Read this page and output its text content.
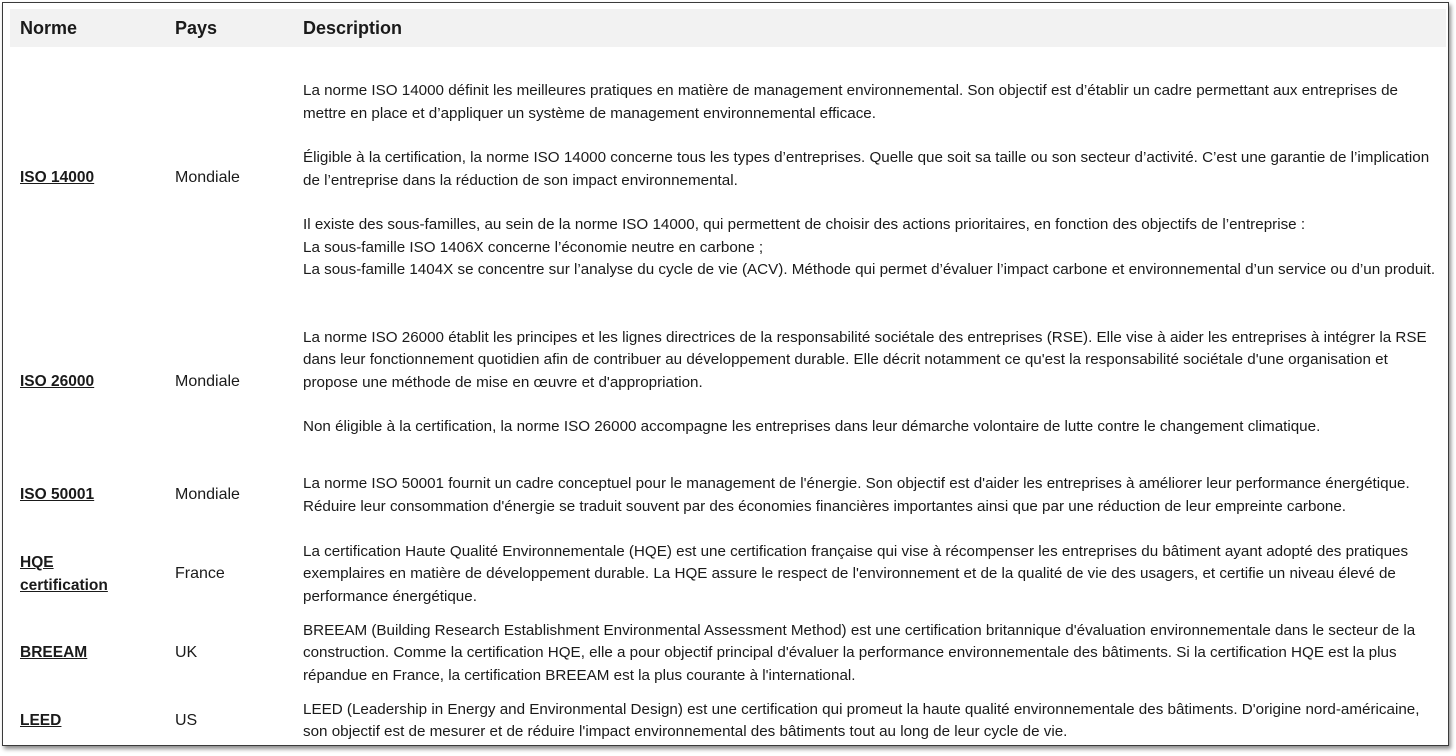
Norme	Pays	Description
ISO 14000	Mondiale	La norme ISO 14000 définit les meilleures pratiques en matière de management environnemental. Son objectif est d’établir un cadre permettant aux entreprises de mettre en place et d’appliquer un système de management environnemental efficace.

Éligible à la certification, la norme ISO 14000 concerne tous les types d’entreprises. Quelle que soit sa taille ou son secteur d’activité. C’est une garantie de l’implication de l’entreprise dans la réduction de son impact environnemental.

Il existe des sous-familles, au sein de la norme ISO 14000, qui permettent de choisir des actions prioritaires, en fonction des objectifs de l’entreprise :
La sous-famille ISO 1406X concerne l’économie neutre en carbone ;
La sous-famille 1404X se concentre sur l’analyse du cycle de vie (ACV). Méthode qui permet d’évaluer l’impact carbone et environnemental d’un service ou d’un produit.

ISO 26000	Mondiale	La norme ISO 26000 établit les principes et les lignes directrices de la responsabilité sociétale des entreprises (RSE). Elle vise à aider les entreprises à intégrer la RSE dans leur fonctionnement quotidien afin de contribuer au développement durable. Elle décrit notamment ce qu'est la responsabilité sociétale d'une organisation et propose une méthode de mise en œuvre et d'appropriation.

Non éligible à la certification, la norme ISO 26000 accompagne les entreprises dans leur démarche volontaire de lutte contre le changement climatique.

ISO 50001	Mondiale	La norme ISO 50001 fournit un cadre conceptuel pour le management de l'énergie. Son objectif est d'aider les entreprises à améliorer leur performance énergétique. Réduire leur consommation d'énergie se traduit souvent par des économies financières importantes ainsi que par une réduction de leur empreinte carbone.

HQE certification	France	La certification Haute Qualité Environnementale (HQE) est une certification française qui vise à récompenser les entreprises du bâtiment ayant adopté des pratiques exemplaires en matière de développement durable. La HQE assure le respect de l'environnement et de la qualité de vie des usagers, et certifie un niveau élevé de performance énergétique.

BREEAM	UK	BREEAM (Building Research Establishment Environmental Assessment Method) est une certification britannique d'évaluation environnementale dans le secteur de la construction. Comme la certification HQE, elle a pour objectif principal d'évaluer la performance environnementale des bâtiments. Si la certification HQE est la plus répandue en France, la certification BREEAM est la plus courante à l'international.

LEED	US	LEED (Leadership in Energy and Environmental Design) est une certification qui promeut la haute qualité environnementale des bâtiments. D'origine nord-américaine, son objectif est de mesurer et de réduire l'impact environnemental des bâtiments tout au long de leur cycle de vie.
